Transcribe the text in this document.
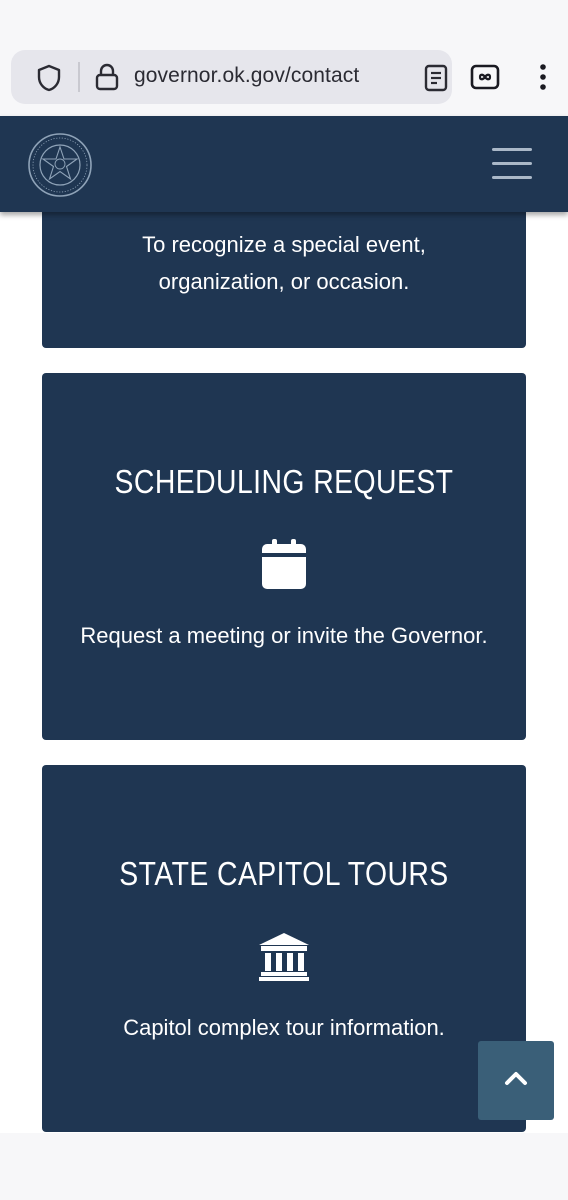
governor.ok.gov/contact
To recognize a special event,
organization, or occasion.
SCHEDULING REQUEST
Request a meeting or invite the Governor.
STATE CAPITOL TOURS
Capitol complex tour information.
